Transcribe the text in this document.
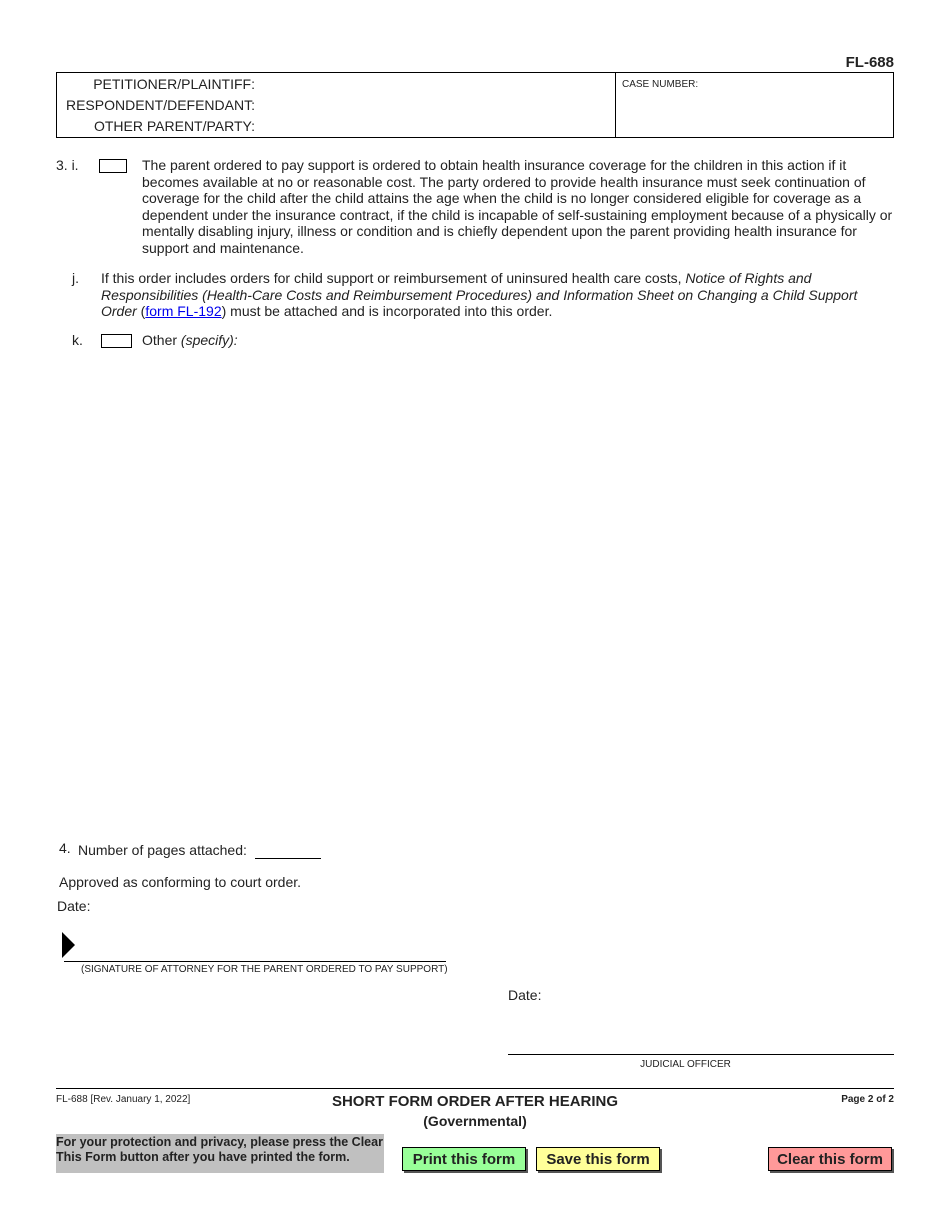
FL-688
PETITIONER/PLAINTIFF:
RESPONDENT/DEFENDANT:
OTHER PARENT/PARTY:
CASE NUMBER:
3. i.	The parent ordered to pay support is ordered to obtain health insurance coverage for the children in this action if it becomes available at no or reasonable cost. The party ordered to provide health insurance must seek continuation of coverage for the child after the child attains the age when the child is no longer considered eligible for coverage as a dependent under the insurance contract, if the child is incapable of self-sustaining employment because of a physically or mentally disabling injury, illness or condition and is chiefly dependent upon the parent providing health insurance for support and maintenance.
j. If this order includes orders for child support or reimbursement of uninsured health care costs, Notice of Rights and Responsibilities (Health-Care Costs and Reimbursement Procedures) and Information Sheet on Changing a Child Support Order (form FL-192) must be attached and is incorporated into this order.
k.	Other (specify):
4. Number of pages attached:
Approved as conforming to court order.
Date:
(SIGNATURE OF ATTORNEY FOR THE PARENT ORDERED TO PAY SUPPORT)
Date:
JUDICIAL OFFICER
FL-688 [Rev. January 1, 2022]	SHORT FORM ORDER AFTER HEARING
(Governmental)
Page 2 of 2
For your protection and privacy, please press the Clear This Form button after you have printed the form.	Print this form	Save this form	Clear this form
